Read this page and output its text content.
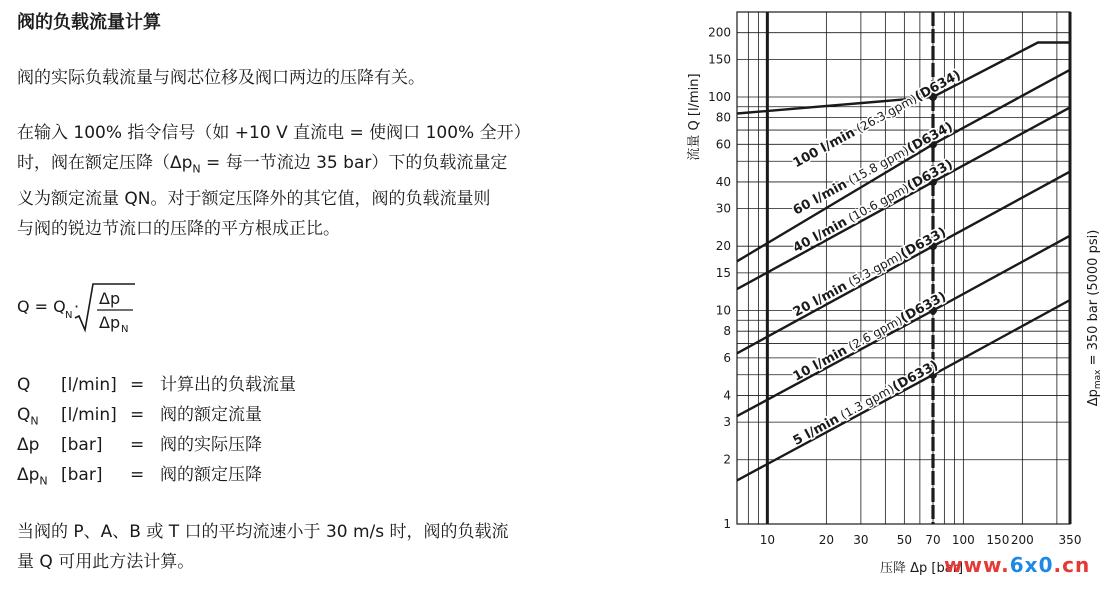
阀的负载流量计算
阀的实际负载流量与阀芯位移及阀口两边的压降有关。
在输入 100% 指令信号（如 +10 V 直流电 = 使阀口 100% 全开）
时，阀在额定压降（$\Delta p_N$ = 每一节流边 35 bar）下的负载流量定
义为额定流量 QN。对于额定压降外的其它值，阀的负载流量则
与阀的锐边节流口的压降的平方根成正比。
Q = Q N · Δp
Δp N
Q [l/min] = 计算出的负载流量
$Q_N$ [l/min] = 阀的额定流量
Δp [bar] = 阀的实际压降
$\Delta p_N$ [bar] = 阀的额定压降
当阀的 P、A、B 或 T 口的平均流速小于 30 m/s 时，阀的负载流
量 Q 可用此方法计算。
100 l/min (26.3 gpm)(D634)
60 l/min (15.8 gpm)(D634)
40 l/min (10.6 gpm)(D633)
20 l/min (5.3 gpm)(D633)
10 l/min (2.6 gpm)(D633)
5 l/min (1.3 gpm)(D633)
10	20 30 50 70 100 150 200 350
1
2
3
4
6
8
10
15
20
30
40
60
80
100
150
200
流量 Q [l/min]
压降 Δp [bar]
$\Delta p_{max} = 350$ bar (5000 psi)
www.6x0.cn
